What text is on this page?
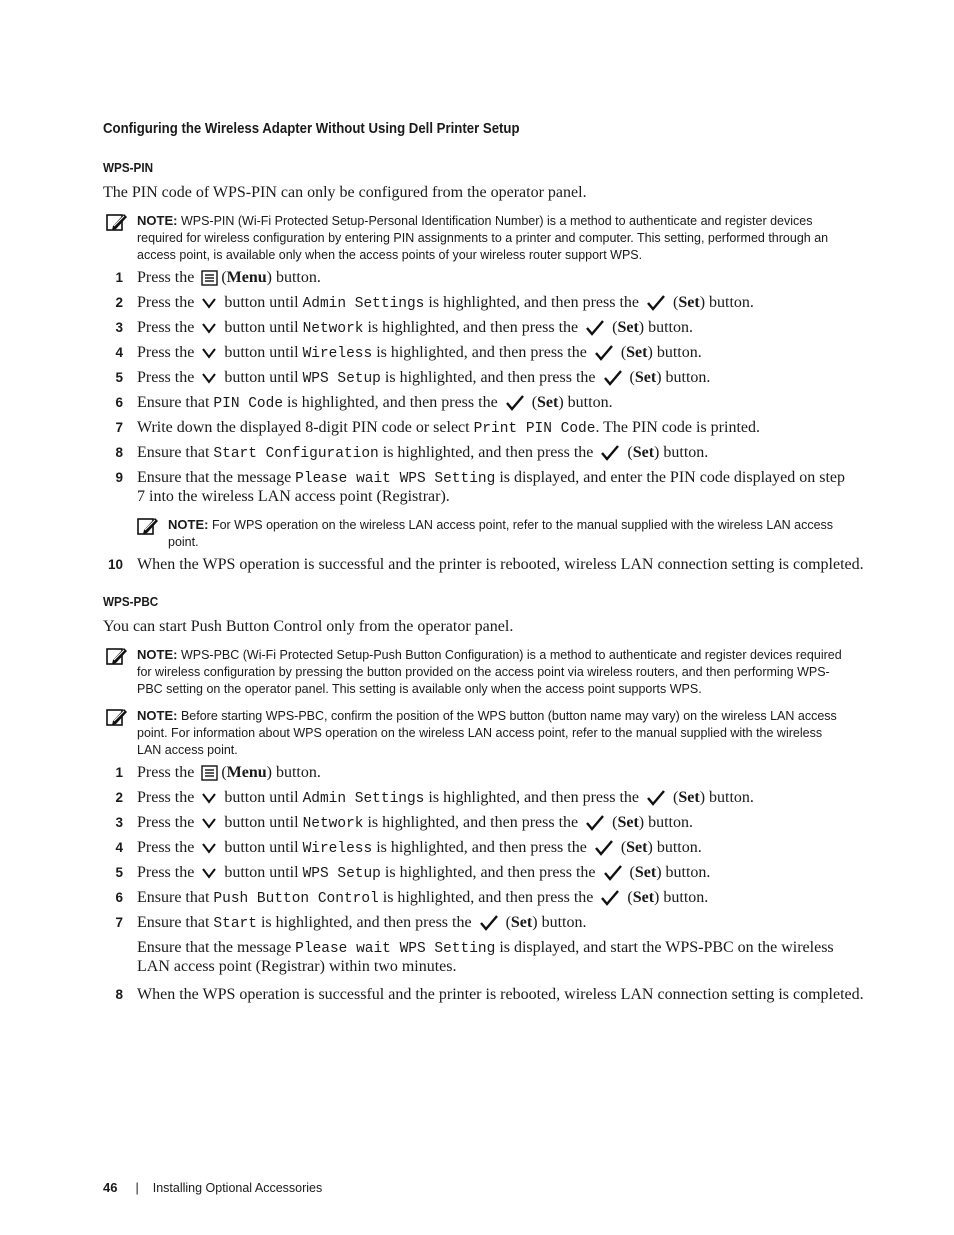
Configuring the Wireless Adapter Without Using Dell Printer Setup
WPS-PIN
The PIN code of WPS-PIN can only be configured from the operator panel.
NOTE: WPS-PIN (Wi-Fi Protected Setup-Personal Identification Number) is a method to authenticate and register devices
required for wireless configuration by entering PIN assignments to a printer and computer. This setting, performed through an
access point, is available only when the access points of your wireless router support WPS.
1 Press the (Menu) button.
2 Press the  button until Admin Settings is highlighted, and then press the  (Set) button.
3 Press the  button until Network is highlighted, and then press the  (Set) button.
4 Press the  button until Wireless is highlighted, and then press the  (Set) button.
5 Press the  button until WPS Setup is highlighted, and then press the  (Set) button.
6 Ensure that PIN Code is highlighted, and then press the  (Set) button.
7 Write down the displayed 8-digit PIN code or select Print PIN Code. The PIN code is printed.
8 Ensure that Start Configuration is highlighted, and then press the  (Set) button.
9 Ensure that the message Please wait WPS Setting is displayed, and enter the PIN code displayed on step
7 into the wireless LAN access point (Registrar).
NOTE: For WPS operation on the wireless LAN access point, refer to the manual supplied with the wireless LAN access
point.
10 When the WPS operation is successful and the printer is rebooted, wireless LAN connection setting is completed.
WPS-PBC
You can start Push Button Control only from the operator panel.
NOTE: WPS-PBC (Wi-Fi Protected Setup-Push Button Configuration) is a method to authenticate and register devices required
for wireless configuration by pressing the button provided on the access point via wireless routers, and then performing WPS-
PBC setting on the operator panel. This setting is available only when the access point supports WPS.
NOTE: Before starting WPS-PBC, confirm the position of the WPS button (button name may vary) on the wireless LAN access
point. For information about WPS operation on the wireless LAN access point, refer to the manual supplied with the wireless
LAN access point.
1 Press the (Menu) button.
2 Press the  button until Admin Settings is highlighted, and then press the  (Set) button.
3 Press the  button until Network is highlighted, and then press the  (Set) button.
4 Press the  button until Wireless is highlighted, and then press the  (Set) button.
5 Press the  button until WPS Setup is highlighted, and then press the  (Set) button.
6 Ensure that Push Button Control is highlighted, and then press the  (Set) button.
7 Ensure that Start is highlighted, and then press the  (Set) button.
Ensure that the message Please wait WPS Setting is displayed, and start the WPS-PBC on the wireless
LAN access point (Registrar) within two minutes.
8 When the WPS operation is successful and the printer is rebooted, wireless LAN connection setting is completed.
46 | Installing Optional Accessories
